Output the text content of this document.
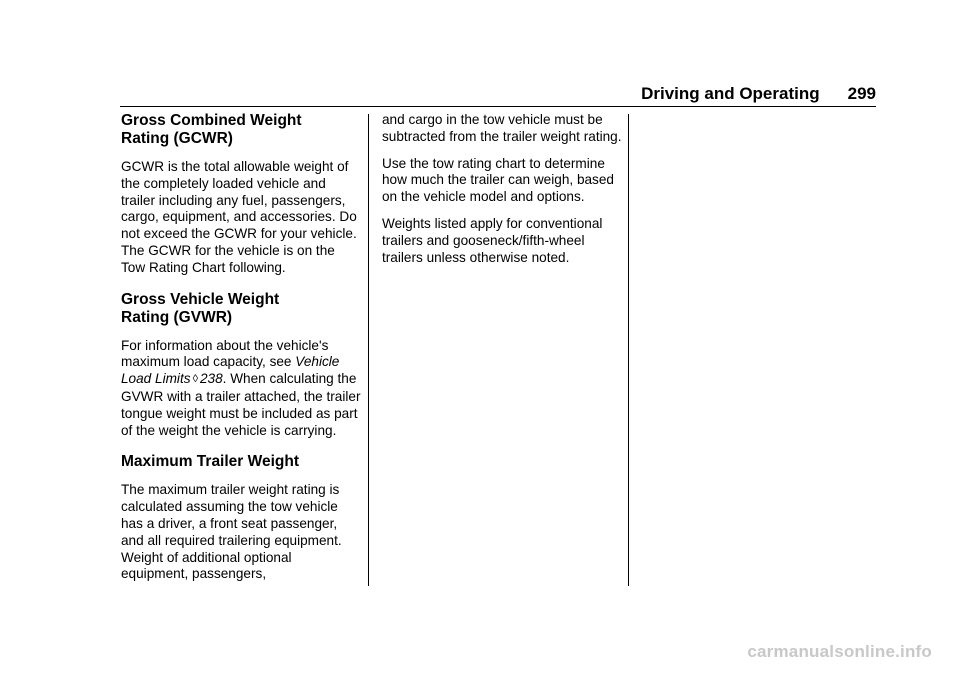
Driving and Operating 299
Gross Combined Weight
Rating (GCWR)

GCWR is the total allowable weight of the completely loaded vehicle and trailer including any fuel, passengers, cargo, equipment, and accessories. Do not exceed the GCWR for your vehicle. The GCWR for the vehicle is on the Tow Rating Chart following.

Gross Vehicle Weight
Rating (GVWR)

For information about the vehicle's maximum load capacity, see Vehicle Load Limits ◊ 238. When calculating the GVWR with a trailer attached, the trailer tongue weight must be included as part of the weight the vehicle is carrying.

Maximum Trailer Weight

The maximum trailer weight rating is calculated assuming the tow vehicle has a driver, a front seat passenger, and all required trailering equipment. Weight of additional optional equipment, passengers,

and cargo in the tow vehicle must be subtracted from the trailer weight rating.

Use the tow rating chart to determine how much the trailer can weigh, based on the vehicle model and options.

Weights listed apply for conventional trailers and gooseneck/fifth-wheel trailers unless otherwise noted.

carmanualsonline.info
